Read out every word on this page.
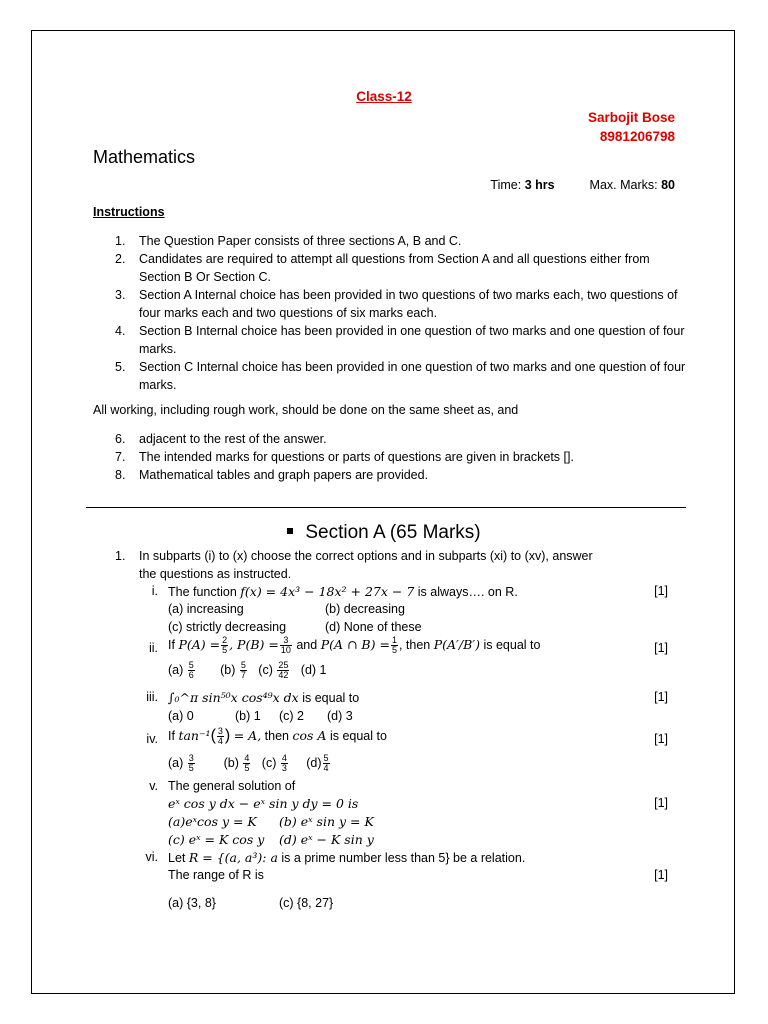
Class-12
Sarbojit Bose
8981206798
Mathematics
Time: 3 hrs	Max. Marks: 80
Instructions
1. The Question Paper consists of three sections A, B and C.
2. Candidates are required to attempt all questions from Section A and all questions either from Section B Or Section C.
3. Section A Internal choice has been provided in two questions of two marks each, two questions of four marks each and two questions of six marks each.
4. Section B Internal choice has been provided in one question of two marks and one question of four marks.
5. Section C Internal choice has been provided in one question of two marks and one question of four marks.
All working, including rough work, should be done on the same sheet as, and
6. adjacent to the rest of the answer.
7. The intended marks for questions or parts of questions are given in brackets [].
8. Mathematical tables and graph papers are provided.
Section A (65 Marks)
1. In subparts (i) to (x) choose the correct options and in subparts (xi) to (xv), answer
the questions as instructed.
i. The function f(x) = 4x³ − 18x² + 27x − 7 is always…. on R.	[1]
(a) increasing	(b) decreasing
(c) strictly decreasing	(d) None of these
ii. If $P(A) = \frac{2}{5}$ , $P(B) = \frac{3}{10}$ and P(A ∩ $B) = \frac{1}{5}$ , then P(A′/B′) is equal to	[1]
$(a) \frac{5}{6} (b) \frac{5}{7} (c) \frac{25}{42} (d)$ 1
iii. ∫₀^π sin⁵⁰x cos⁴⁹x dx is equal to	[1]
(a) 0	(b) 1 (c) 2 (d) 3
iv. If $\tan^{-1}( \frac{3}{4}$ ) = A, then cos A is equal to	[1]
$(a) \frac{3}{5} (b) \frac{4}{5} (c) \frac{4}{3} (d) \frac{5}{4}$
v. The general solution of
eˣ cos y dx − eˣ sin y dy = 0 is	[1]
(a)eˣcos y = K (b) eˣ sin y = K
(c) eˣ = K cos y (d) eˣ − K sin y
vi. Let R = {(a, a³): a is a prime number less than 5} be a relation.
The range of R is	[1]
(a) {3, 8}	(c) {8, 27}
